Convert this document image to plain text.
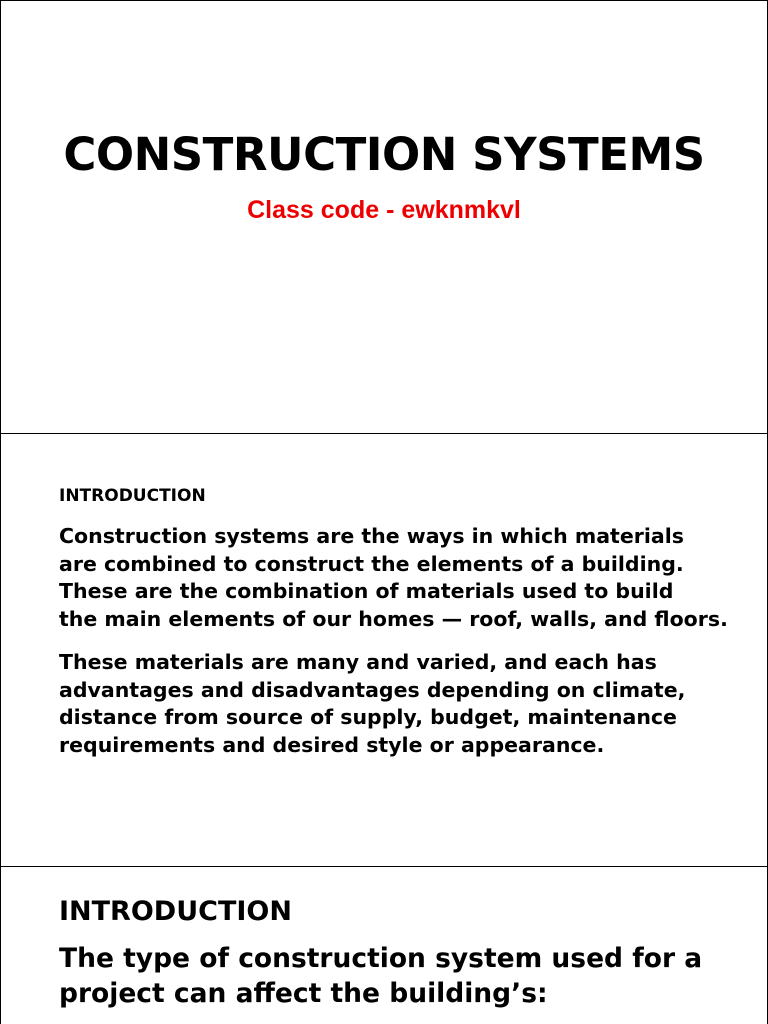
CONSTRUCTION SYSTEMS
Class code - ewknmkvl
INTRODUCTION

Construction systems are the ways in which materials
are combined to construct the elements of a building.
These are the combination of materials used to build
the main elements of our homes — roof, walls, and floors.

These materials are many and varied, and each has
advantages and disadvantages depending on climate,
distance from source of supply, budget, maintenance
requirements and desired style or appearance.

INTRODUCTION

The type of construction system used for a
project can affect the building’s:
